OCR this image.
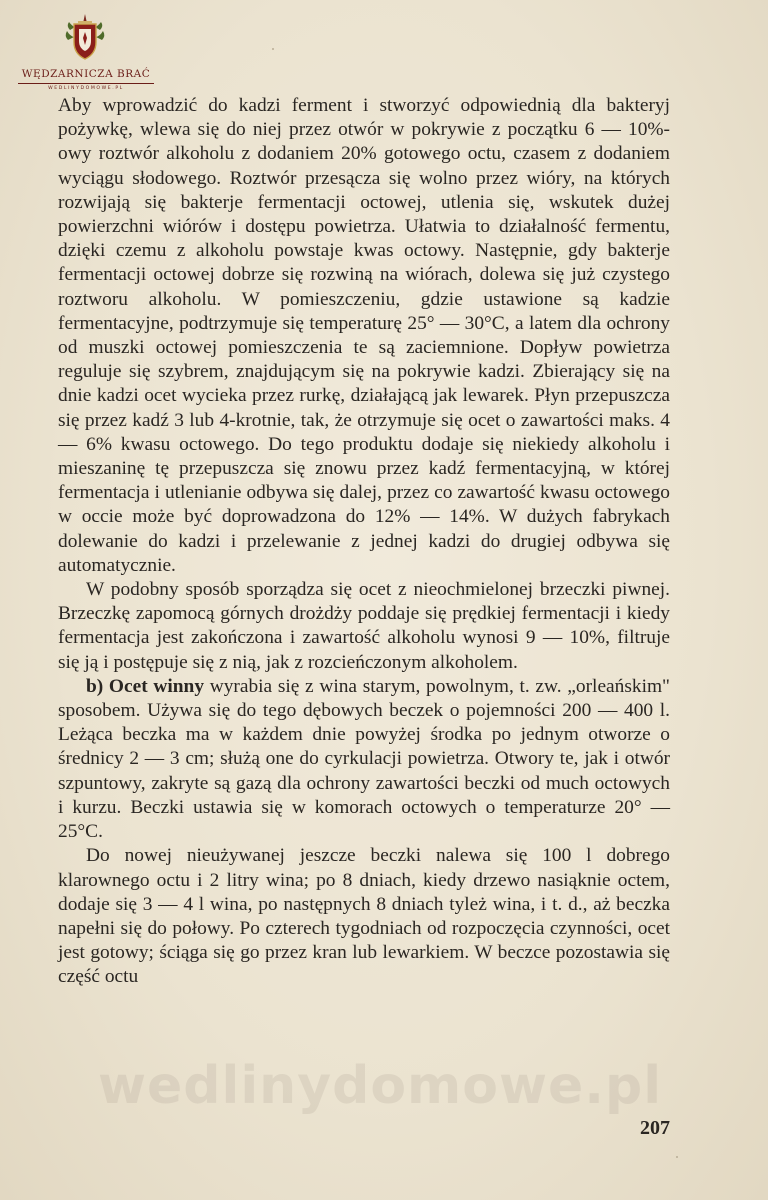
WĘDZARNICZA BRAĆ
WEDLINYDOMOWE.PL

Aby wprowadzić do kadzi ferment i stworzyć odpowiednią dla bakteryj pożywkę, wlewa się do niej przez otwór w pokrywie z początku 6 — 10%-owy roztwór alkoholu z dodaniem 20% gotowego octu, czasem z dodaniem wyciągu słodowego. Roztwór przesącza się wolno przez wióry, na których rozwijają się bakterje fermentacji octowej, utlenia się, wskutek dużej powierzchni wiórów i dostępu powietrza. Ułatwia to działalność fermentu, dzięki czemu z alkoholu powstaje kwas octowy. Następnie, gdy bakterje fermentacji octowej dobrze się rozwiną na wiórach, dolewa się już czystego roztworu alkoholu. W pomieszczeniu, gdzie ustawione są kadzie fermentacyjne, podtrzymuje się temperaturę 25° — 30°C, a latem dla ochrony od muszki octowej pomieszczenia te są zaciemnione. Dopływ powietrza reguluje się szybrem, znajdującym się na pokrywie kadzi. Zbierający się na dnie kadzi ocet wycieka przez rurkę, działającą jak lewarek. Płyn przepuszcza się przez kadź 3 lub 4-krotnie, tak, że otrzymuje się ocet o zawartości maks. 4 — 6% kwasu octowego. Do tego produktu dodaje się niekiedy alkoholu i mieszaninę tę przepuszcza się znowu przez kadź fermentacyjną, w której fermentacja i utlenianie odbywa się dalej, przez co zawartość kwasu octowego w occie może być doprowadzona do 12% — 14%. W dużych fabrykach dolewanie do kadzi i przelewanie z jednej kadzi do drugiej odbywa się automatycznie.

W podobny sposób sporządza się ocet z nieochmielonej brzeczki piwnej. Brzeczkę zapomocą górnych drożdży poddaje się prędkiej fermentacji i kiedy fermentacja jest zakończona i zawartość alkoholu wynosi 9 — 10%, filtruje się ją i postępuje się z nią, jak z rozcieńczonym alkoholem.

b) Ocet winny wyrabia się z wina starym, powolnym, t. zw. „orleańskim" sposobem. Używa się do tego dębowych beczek o pojemności 200 — 400 l. Leżąca beczka ma w każdem dnie powyżej środka po jednym otworze o średnicy 2 — 3 cm; służą one do cyrkulacji powietrza. Otwory te, jak i otwór szpuntowy, zakryte są gazą dla ochrony zawartości beczki od much octowych i kurzu. Beczki ustawia się w komorach octowych o temperaturze 20° — 25°C.

Do nowej nieużywanej jeszcze beczki nalewa się 100 l dobrego klarownego octu i 2 litry wina; po 8 dniach, kiedy drzewo nasiąknie octem, dodaje się 3 — 4 l wina, po następnych 8 dniach tyleż wina, i t. d., aż beczka napełni się do połowy. Po czterech tygodniach od rozpoczęcia czynności, ocet jest gotowy; ściąga się go przez kran lub lewarkiem. W beczce pozostawia się część octu

wedlinydomowe.pl
207
